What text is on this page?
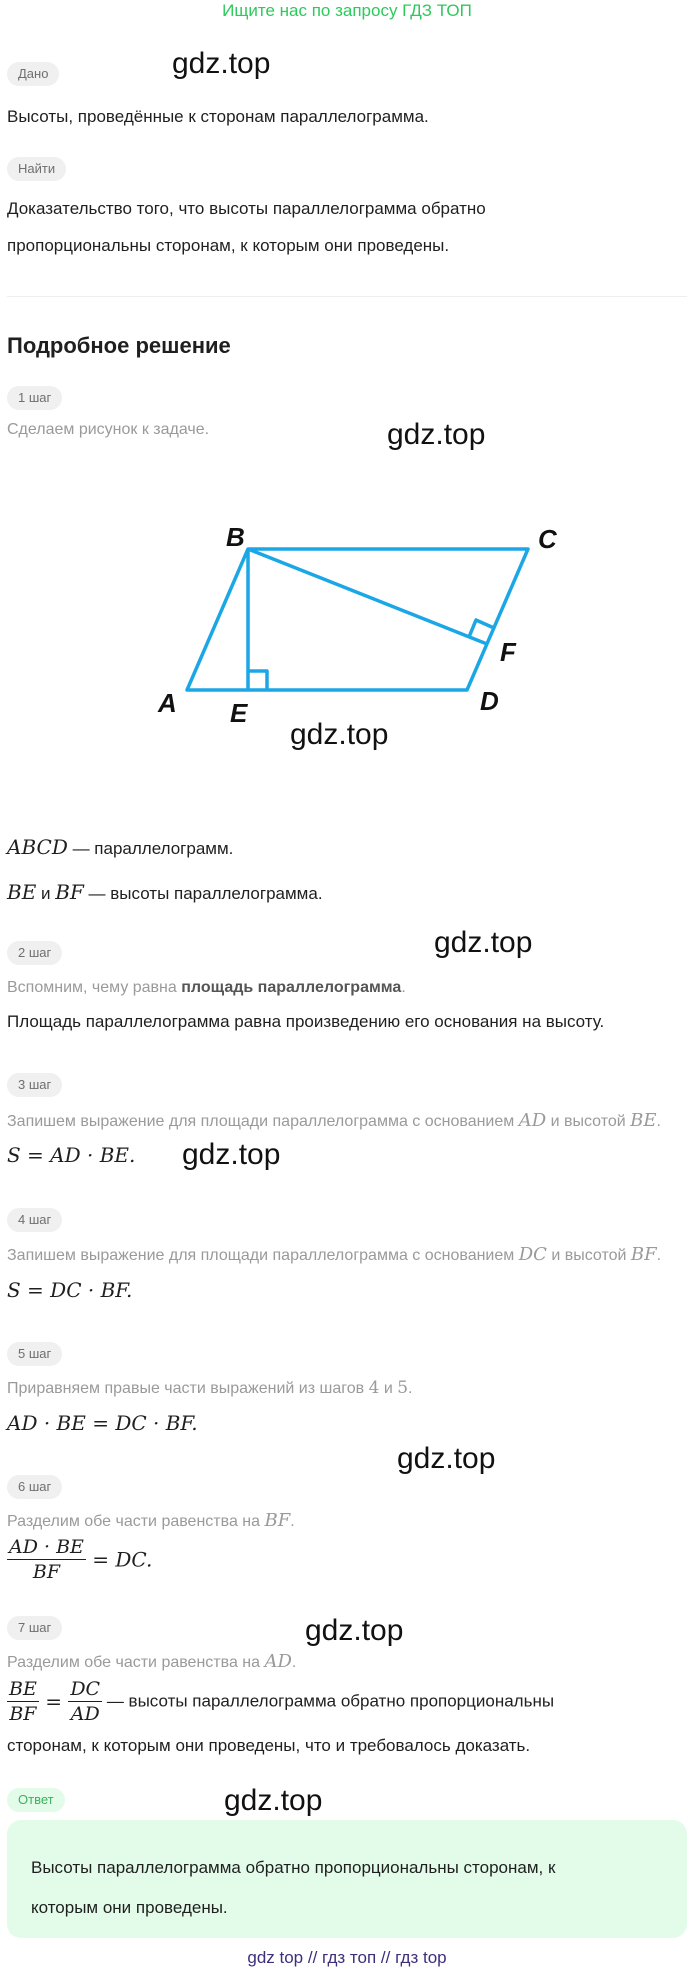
Ищите нас по запросу ГДЗ ТОП
Дано	gdz.top
Высоты, проведённые к сторонам параллелограмма.
Найти
Доказательство того, что высоты параллелограмма обратно
пропорциональны сторонам, к которым они проведены.
Подробное решение
1 шаг
Сделаем рисунок к задаче.	gdz.top
A
B	C
D
E
F
gdz.top
ABCD — параллелограмм.
BE и BF — высоты параллелограмма.
gdz.top
2 шаг
Вспомним, чему равна площадь параллелограмма.
Площадь параллелограмма равна произведению его основания на высоту.
3 шаг
Запишем выражение для площади параллелограмма с основанием AD и высотой BE.
S = AD · BE. gdz.top
4 шаг
Запишем выражение для площади параллелограмма с основанием DC и высотой BF.
S = DC · BF.
5 шаг
Приравняем правые части выражений из шагов 4 и 5.
AD · BE = DC · BF.
gdz.top
6 шаг
Разделим обе части равенства на BF.
$\frac{AD \cdot BE}{BF}$ = DC.
gdz.top
7 шаг
Разделим обе части равенства на AD.
$\frac{BE}{BF} = \frac{DC}{AD}$ — высоты параллелограмма обратно пропорциональны
сторонам, к которым они проведены, что и требовалось доказать.
Ответ	gdz.top
Высоты параллелограмма обратно пропорциональны сторонам, к
которым они проведены.
gdz top // гдз топ // гдз top
